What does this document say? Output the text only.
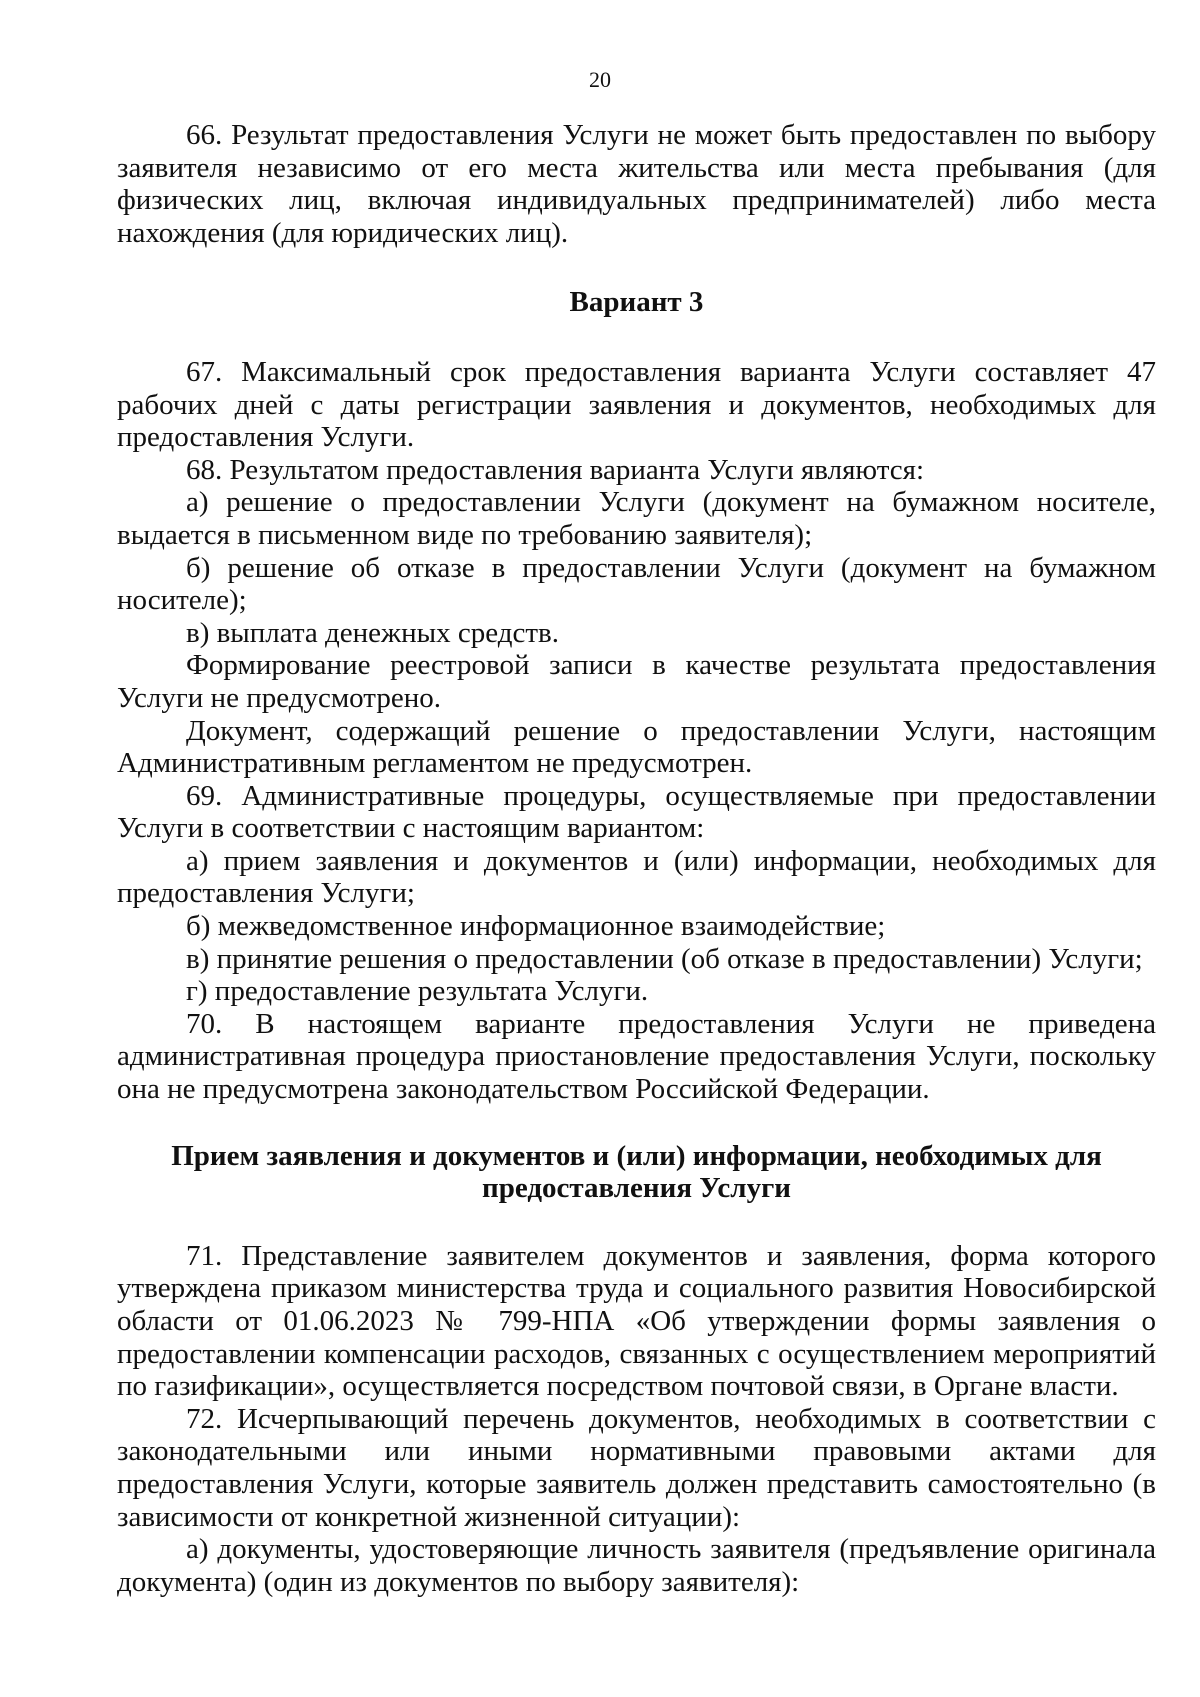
20

66. Результат предоставления Услуги не может быть предоставлен по выбору заявителя независимо от его места жительства или места пребывания (для физических лиц, включая индивидуальных предпринимателей) либо места нахождения (для юридических лиц).

Вариант 3

67. Максимальный срок предоставления варианта Услуги составляет 47 рабочих дней с даты регистрации заявления и документов, необходимых для предоставления Услуги.

68. Результатом предоставления варианта Услуги являются:

а) решение о предоставлении Услуги (документ на бумажном носителе, выдается в письменном виде по требованию заявителя);

б) решение об отказе в предоставлении Услуги (документ на бумажном носителе);

в) выплата денежных средств.

Формирование реестровой записи в качестве результата предоставления Услуги не предусмотрено.

Документ, содержащий решение о предоставлении Услуги, настоящим Административным регламентом не предусмотрен.

69. Административные процедуры, осуществляемые при предоставлении Услуги в соответствии с настоящим вариантом:

а) прием заявления и документов и (или) информации, необходимых для предоставления Услуги;

б) межведомственное информационное взаимодействие;

в) принятие решения о предоставлении (об отказе в предоставлении) Услуги;

г) предоставление результата Услуги.

70. В настоящем варианте предоставления Услуги не приведена административная процедура приостановление предоставления Услуги, поскольку она не предусмотрена законодательством Российской Федерации.

Прием заявления и документов и (или) информации, необходимых для
предоставления Услуги

71. Представление заявителем документов и заявления, форма которого утверждена приказом министерства труда и социального развития Новосибирской области от 01.06.2023 № 799-НПА «Об утверждении формы заявления о предоставлении компенсации расходов, связанных с осуществлением мероприятий по газификации», осуществляется посредством почтовой связи, в Органе власти.

72. Исчерпывающий перечень документов, необходимых в соответствии с законодательными или иными нормативными правовыми актами для предоставления Услуги, которые заявитель должен представить самостоятельно (в зависимости от конкретной жизненной ситуации):

а) документы, удостоверяющие личность заявителя (предъявление оригинала документа) (один из документов по выбору заявителя):
